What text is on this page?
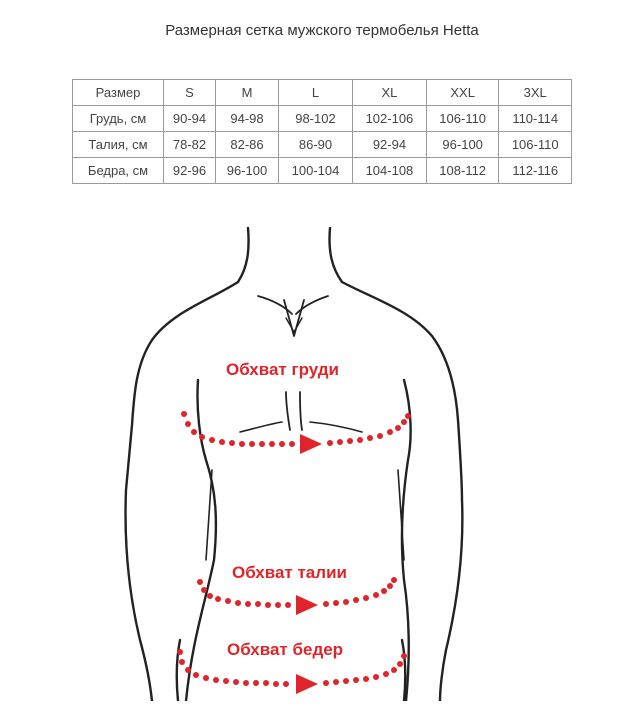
Размерная сетка мужского термобелья Hetta
Размер	S	M	L	XL	XXL	3XL
Грудь, см	90-94	94-98	98-102	102-106	106-110	110-114
Талия, см	78-82	82-86	86-90	92-94	96-100	106-110
Бедра, см	92-96	96-100	100-104	104-108	108-112	112-116
Обхват груди
Обхват талии
Обхват бедер
